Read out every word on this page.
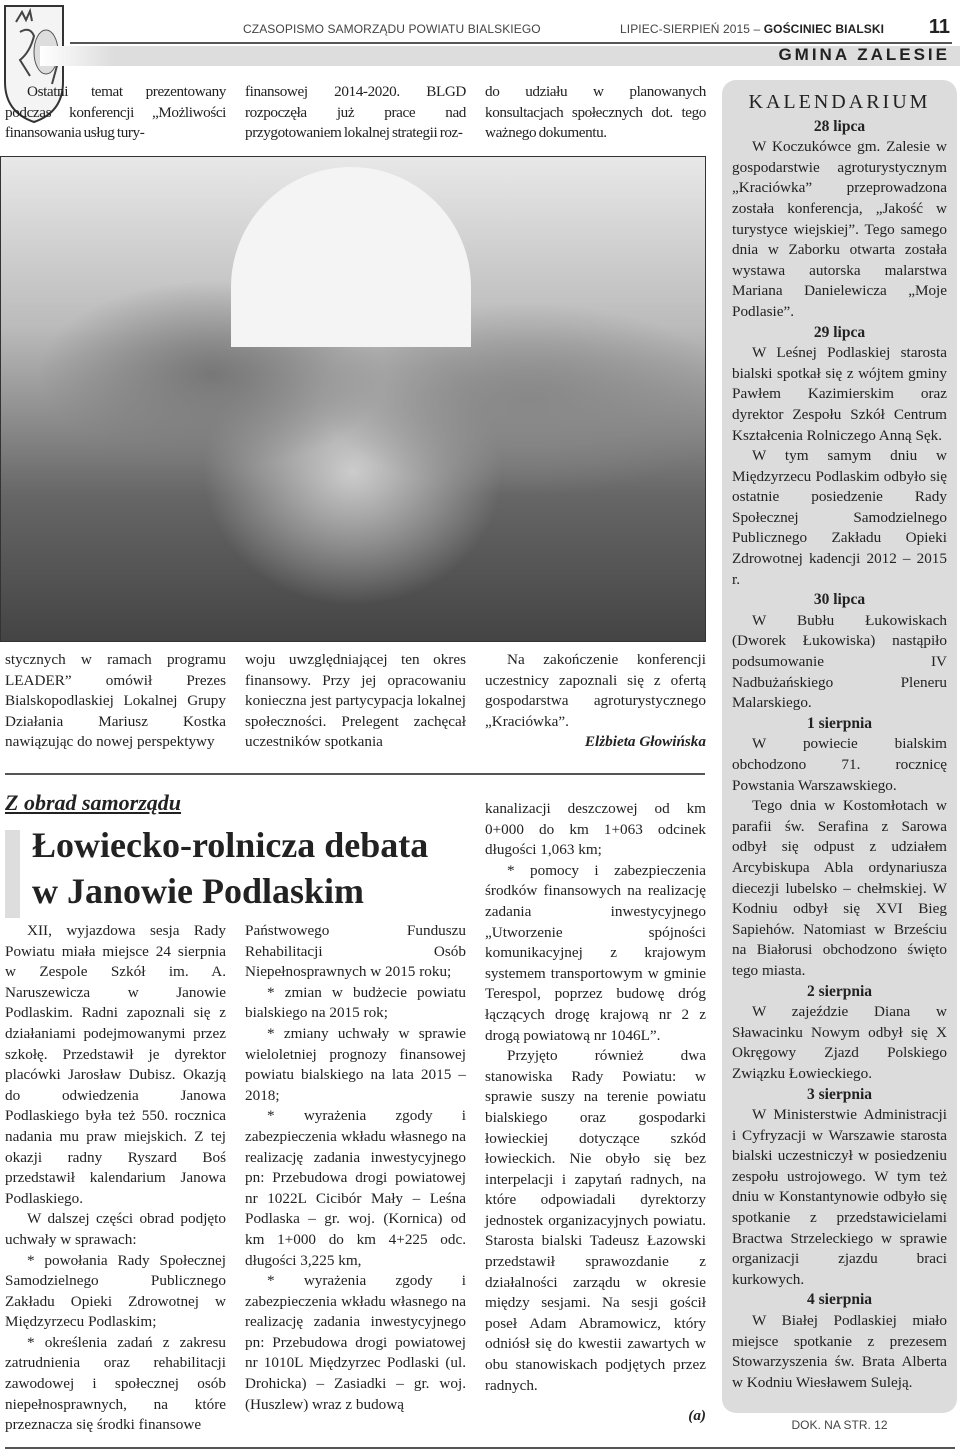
CZASOPISMO SAMORZĄDU POWIATU BIALSKIEGO	LIPIEC-SIERPIEŃ 2015 – GOŚCINIEC BIALSKI 11
GMINA ZALESIE

Ostatni temat prezentowany podczas konferencji „Możliwości finansowania usług tury-

finansowej 2014-2020. BLGD rozpoczęła już prace nad przygotowaniem lokalnej strategii roz-

do udziału w planowanych konsultacjach społecznych dot. tego ważnego dokumentu.

stycznych w ramach programu LEADER” omówił Prezes Bialskopodlaskiej Lokalnej Grupy Działania Mariusz Kostka nawiązując do nowej perspektywy

woju uwzględniającej ten okres finansowy. Przy jej opracowaniu konieczna jest partycypacja lokalnej społeczności. Prelegent zachęcał uczestników spotkania

Na zakończenie konferencji uczestnicy zapoznali się z ofertą gospodarstwa agroturystycznego „Kraciówka”.

Elżbieta Głowińska
Z obrad samorządu
Łowiecko-rolnicza debata
w Janowie Podlaskim

XII, wyjazdowa sesja Rady Powiatu miała miejsce 24 sierpnia w Zespole Szkół im. A. Naruszewicza w Janowie Podlaskim. Radni zapoznali się z działaniami podejmowanymi przez szkołę. Przedstawił je dyrektor placówki Jarosław Dubisz. Okazją do odwiedzenia Janowa Podlaskiego była też 550. rocznica nadania mu praw miejskich. Z tej okazji radny Ryszard Boś przedstawił kalendarium Janowa Podlaskiego.

W dalszej części obrad podjęto uchwały w sprawach:

* powołania Rady Społecznej Samodzielnego Publicznego Zakładu Opieki Zdrowotnej w Międzyrzecu Podlaskim;

* określenia zadań z zakresu zatrudnienia oraz rehabilitacji zawodowej i społecznej osób niepełnosprawnych, na które przeznacza się środki finansowe

Państwowego Funduszu Rehabilitacji Osób Niepełnosprawnych w 2015 roku;

* zmian w budżecie powiatu bialskiego na 2015 rok;

* zmiany uchwały w sprawie wieloletniej prognozy finansowej powiatu bialskiego na lata 2015 – 2018;

* wyrażenia zgody i zabezpieczenia wkładu własnego na realizację zadania inwestycyjnego pn: Przebudowa drogi powiatowej nr 1022L Cicibór Mały – Leśna Podlaska – gr. woj. (Kornica) od km 1+000 do km 4+225 odc. długości 3,225 km,

* wyrażenia zgody i zabezpieczenia wkładu własnego na realizację zadania inwestycyjnego pn: Przebudowa drogi powiatowej nr 1010L Międzyrzec Podlaski (ul. Drohicka) – Zasiadki – gr. woj. (Huszlew) wraz z budową

kanalizacji deszczowej od km 0+000 do km 1+063 odcinek długości 1,063 km;

* pomocy i zabezpieczenia środków finansowych na realizację zadania inwestycyjnego „Utworzenie spójności komunikacyjnej z krajowym systemem transportowym w gminie Terespol, poprzez budowę dróg łączących drogę krajową nr 2 z drogą powiatową nr 1046L”.

Przyjęto również dwa stanowiska Rady Powiatu: w sprawie suszy na terenie powiatu bialskiego oraz gospodarki łowieckiej dotyczące szkód łowieckich. Nie obyło się bez interpelacji i zapytań radnych, na które odpowiadali dyrektorzy jednostek organizacyjnych powiatu. Starosta bialski Tadeusz Łazowski przedstawił sprawozdanie z działalności zarządu w okresie między sesjami. Na sesji gościł poseł Adam Abramowicz, który odniósł się do kwestii zawartych w obu stanowiskach podjętych przez radnych.

(a)
KALENDARIUM
28 lipca

W Koczukówce gm. Zalesie w gospodarstwie agroturystycznym „Kraciówka” przeprowadzona została konferencja, „Jakość w turystyce wiejskiej”. Tego samego dnia w Zaborku otwarta została wystawa autorska malarstwa Mariana Danielewicza „Moje Podlasie”.

29 lipca

W Leśnej Podlaskiej starosta bialski spotkał się z wójtem gminy Pawłem Kazimierskim oraz dyrektor Zespołu Szkół Centrum Kształcenia Rolniczego Anną Sęk.

W tym samym dniu w Międzyrzecu Podlaskim odbyło się ostatnie posiedzenie Rady Społecznej Samodzielnego Publicznego Zakładu Opieki Zdrowotnej kadencji 2012 – 2015 r.

30 lipca

W Bubłu Łukowiskach (Dworek Łukowiska) nastąpiło podsumowanie IV Nadbużańskiego Pleneru Malarskiego.

1 sierpnia

W powiecie bialskim obchodzono 71. rocznicę Powstania Warszawskiego.

Tego dnia w Kostomłotach w parafii św. Serafina z Sarowa odbył się odpust z udziałem Arcybiskupa Abla ordynariusza diecezji lubelsko – chełmskiej. W Kodniu odbył się XVI Bieg Sapiehów. Natomiast w Brześciu na Białorusi obchodzono święto tego miasta.

2 sierpnia

W zajeździe Diana w Sławacinku Nowym odbył się X Okręgowy Zjazd Polskiego Związku Łowieckiego.

3 sierpnia

W Ministerstwie Administracji i Cyfryzacji w Warszawie starosta bialski uczestniczył w posiedzeniu zespołu ustrojowego. W tym też dniu w Konstantynowie odbyło się spotkanie z przedstawicielami Bractwa Strzeleckiego w sprawie organizacji zjazdu braci kurkowych.

4 sierpnia

W Białej Podlaskiej miało miejsce spotkanie z prezesem Stowarzyszenia św. Brata Alberta w Kodniu Wiesławem Suleją.

DOK. NA STR. 12
